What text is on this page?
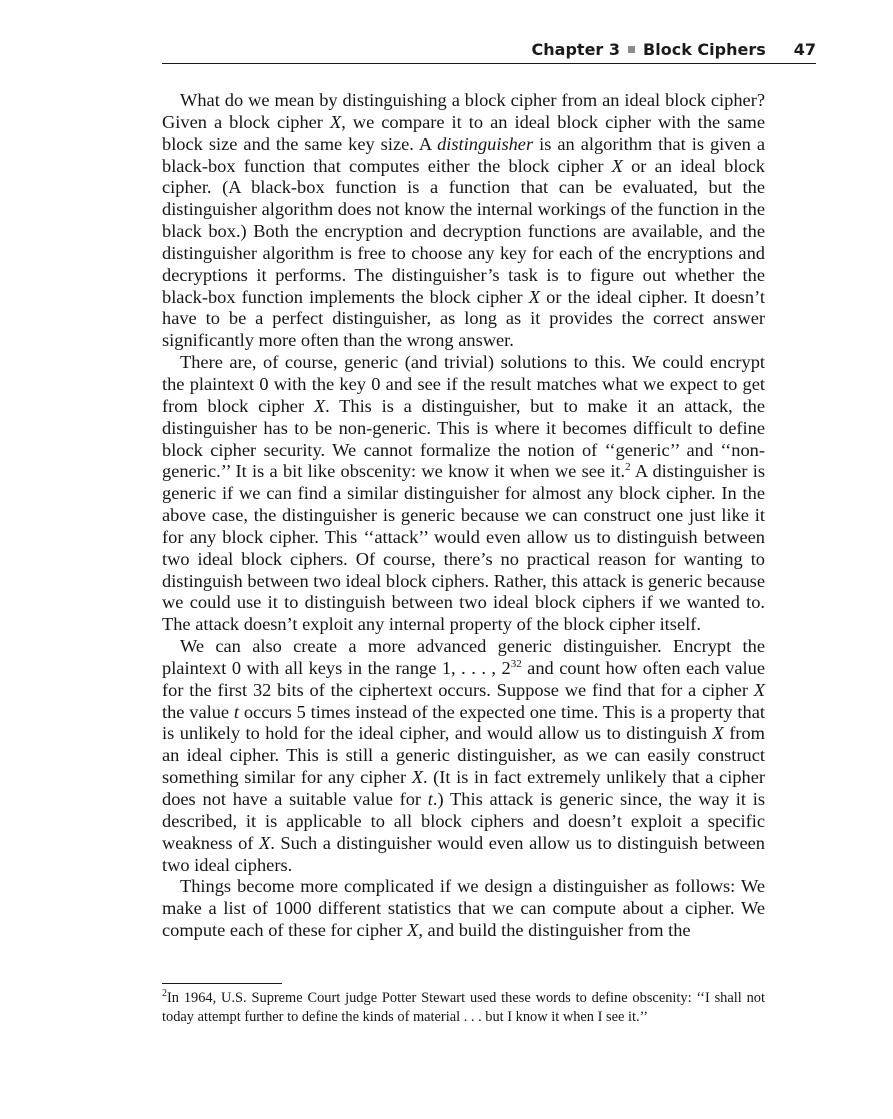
Chapter 3 Block Ciphers 47

What do we mean by distinguishing a block cipher from an ideal block cipher? Given a block cipher X, we compare it to an ideal block cipher with the same block size and the same key size. A distinguisher is an algorithm that is given a black-box function that computes either the block cipher X or an ideal block cipher. (A black-box function is a function that can be evaluated, but the distinguisher algorithm does not know the internal workings of the function in the black box.) Both the encryption and decryption functions are available, and the distinguisher algorithm is free to choose any key for each of the encryptions and decryptions it performs. The distinguisher’s task is to figure out whether the black-box function implements the block cipher X or the ideal cipher. It doesn’t have to be a perfect distinguisher, as long as it provides the correct answer significantly more often than the wrong answer.

There are, of course, generic (and trivial) solutions to this. We could encrypt the plaintext 0 with the key 0 and see if the result matches what we expect to get from block cipher X. This is a distinguisher, but to make it an attack, the distinguisher has to be non-generic. This is where it becomes difficult to define block cipher security. We cannot formalize the notion of ‘‘generic’’ and ‘‘non-generic.’’ It is a bit like obscenity: we know it when we see it.$^2$ A distinguisher is generic if we can find a similar distinguisher for almost any block cipher. In the above case, the distinguisher is generic because we can construct one just like it for any block cipher. This ‘‘attack’’ would even allow us to distinguish between two ideal block ciphers. Of course, there’s no practical reason for wanting to distinguish between two ideal block ciphers. Rather, this attack is generic because we could use it to distinguish between two ideal block ciphers if we wanted to. The attack doesn’t exploit any internal property of the block cipher itself.

We can also create a more advanced generic distinguisher. Encrypt the plaintext 0 with all keys in the range 1, . . . , $2^{32}$ and count how often each value for the first 32 bits of the ciphertext occurs. Suppose we find that for a cipher X the value t occurs 5 times instead of the expected one time. This is a property that is unlikely to hold for the ideal cipher, and would allow us to distinguish X from an ideal cipher. This is still a generic distinguisher, as we can easily construct something similar for any cipher X. (It is in fact extremely unlikely that a cipher does not have a suitable value for t.) This attack is generic since, the way it is described, it is applicable to all block ciphers and doesn’t exploit a specific weakness of X. Such a distinguisher would even allow us to distinguish between two ideal ciphers.

Things become more complicated if we design a distinguisher as follows: We make a list of 1000 different statistics that we can compute about a cipher. We compute each of these for cipher X, and build the distinguisher from the

$^2$In 1964, U.S. Supreme Court judge Potter Stewart used these words to define obscenity: ‘‘I shall not today attempt further to define the kinds of material . . . but I know it when I see it.’’
